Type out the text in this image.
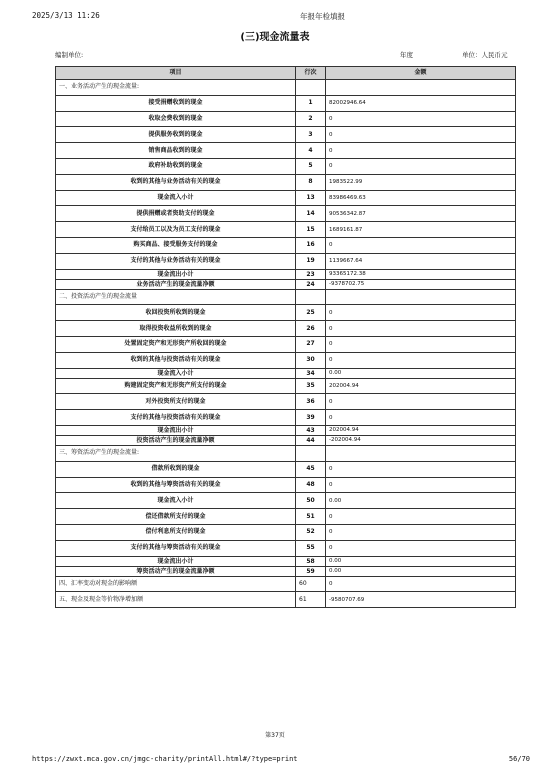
2025/3/13 11:26	年报年检填报
(三)现金流量表
编制单位:	年度	单位：人民币元
项目	行次	金额
一、业务活动产生的现金流量:		
接受捐赠收到的现金	1	82002946.64
收取会费收到的现金	2	0
提供服务收到的现金	3	0
销售商品收到的现金	4	0
政府补助收到的现金	5	0
收到的其他与业务活动有关的现金	8	1983522.99
现金流入小计	13	83986469.63
提供捐赠或者资助支付的现金	14	90536342.87
支付给员工以及为员工支付的现金	15	1689161.87
购买商品、接受服务支付的现金	16	0
支付的其他与业务活动有关的现金	19	1139667.64
现金流出小计	23	93365172.38
业务活动产生的现金流量净额	24	-9378702.75
二、投资活动产生的现金流量		
收回投资所收到的现金	25	0
取得投资收益所收到的现金	26	0
处置固定资产和无形资产所收回的现金	27	0
收到的其他与投资活动有关的现金	30	0
现金流入小计	34	0.00
购建固定资产和无形资产所支付的现金	35	202004.94
对外投资所支付的现金	36	0
支付的其他与投资活动有关的现金	39	0
现金流出小计	43	202004.94
投资活动产生的现金流量净额	44	-202004.94
三、筹资活动产生的现金流量:		
借款所收到的现金	45	0
收到的其他与筹资活动有关的现金	48	0
现金流入小计	50	0.00
偿还借款所支付的现金	51	0
偿付利息所支付的现金	52	0
支付的其他与筹资活动有关的现金	55	0
现金流出小计	58	0.00
筹资活动产生的现金流量净额	59	0.00
四、汇率变动对现金的影响额	60	0
五、现金及现金等价物净增加额	61	-9580707.69
第37页
https://zwxt.mca.gov.cn/jmgc-charity/printAll.html#/?type=print	56/70
